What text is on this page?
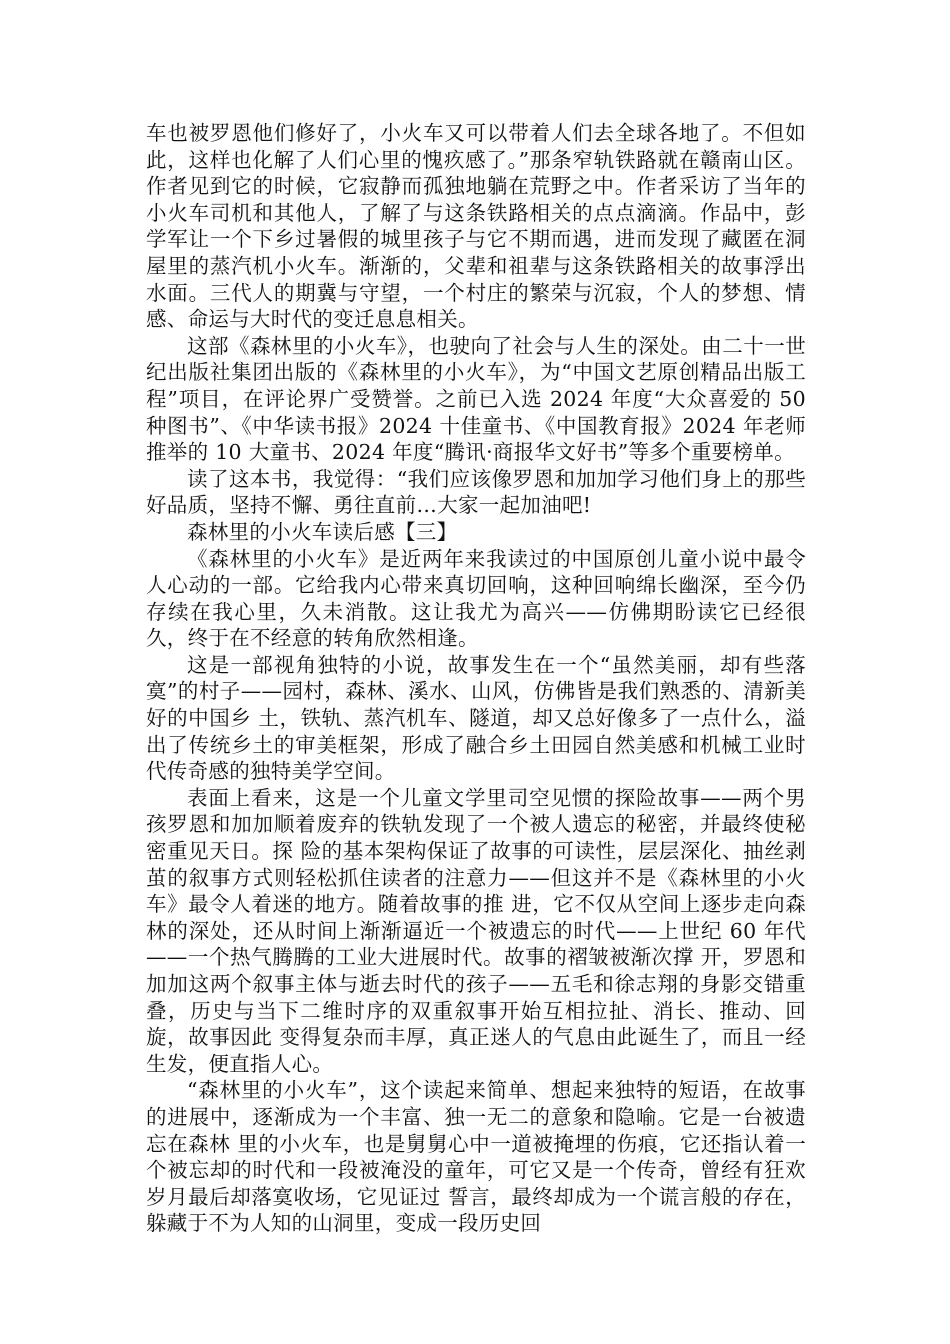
车也被罗恩他们修好了，小火车又可以带着人们去全球各地了。不但如此，这样也化解了人们心里的愧疚感了。”那条窄轨铁路就在赣南山区。作者见到它的时候，它寂静而孤独地躺在荒野之中。作者采访了当年的小火车司机和其他人，了解了与这条铁路相关的点点滴滴。作品中，彭学军让一个下乡过暑假的城里孩子与它不期而遇，进而发现了藏匿在洞屋里的蒸汽机小火车。渐渐的，父辈和祖辈与这条铁路相关的故事浮出水面。三代人的期冀与守望，一个村庄的繁荣与沉寂，个人的梦想、情感、命运与大时代的变迁息息相关。

这部《森林里的小火车》，也驶向了社会与人生的深处。由二十一世纪出版社集团出版的《森林里的小火车》，为“中国文艺原创精品出版工程”项目，在评论界广受赞誉。之前已入选 2024 年度“大众喜爱的 50 种图书”、《中华读书报》2024 十佳童书、《中国教育报》2024 年老师推举的 10 大童书、2024 年度“腾讯·商报华文好书”等多个重要榜单。

读了这本书，我觉得：“我们应该像罗恩和加加学习他们身上的那些好品质，坚持不懈、勇往直前…大家一起加油吧!

森林里的小火车读后感【三】

《森林里的小火车》是近两年来我读过的中国原创儿童小说中最令人心动的一部。它给我内心带来真切回响，这种回响绵长幽深，至今仍存续在我心里，久未消散。这让我尤为高兴——仿佛期盼读它已经很久，终于在不经意的转角欣然相逢。

这是一部视角独特的小说，故事发生在一个“虽然美丽，却有些落寞”的村子——园村，森林、溪水、山风，仿佛皆是我们熟悉的、清新美好的中国乡 土，铁轨、蒸汽机车、隧道，却又总好像多了一点什么，溢出了传统乡土的审美框架，形成了融合乡土田园自然美感和机械工业时代传奇感的独特美学空间。

表面上看来，这是一个儿童文学里司空见惯的探险故事——两个男孩罗恩和加加顺着废弃的铁轨发现了一个被人遗忘的秘密，并最终使秘密重见天日。探 险的基本架构保证了故事的可读性，层层深化、抽丝剥茧的叙事方式则轻松抓住读者的注意力——但这并不是《森林里的小火车》最令人着迷的地方。随着故事的推 进，它不仅从空间上逐步走向森林的深处，还从时间上渐渐逼近一个被遗忘的时代——上世纪 60 年代——一个热气腾腾的工业大进展时代。故事的褶皱被渐次撑 开，罗恩和加加这两个叙事主体与逝去时代的孩子——五毛和徐志翔的身影交错重叠，历史与当下二维时序的双重叙事开始互相拉扯、消长、推动、回旋，故事因此 变得复杂而丰厚，真正迷人的气息由此诞生了，而且一经生发，便直指人心。

“森林里的小火车”，这个读起来简单、想起来独特的短语，在故事的进展中，逐渐成为一个丰富、独一无二的意象和隐喻。它是一台被遗忘在森林 里的小火车，也是舅舅心中一道被掩埋的伤痕，它还指认着一个被忘却的时代和一段被淹没的童年，可它又是一个传奇，曾经有狂欢岁月最后却落寞收场，它见证过 誓言，最终却成为一个谎言般的存在，躲藏于不为人知的山洞里，变成一段历史回
